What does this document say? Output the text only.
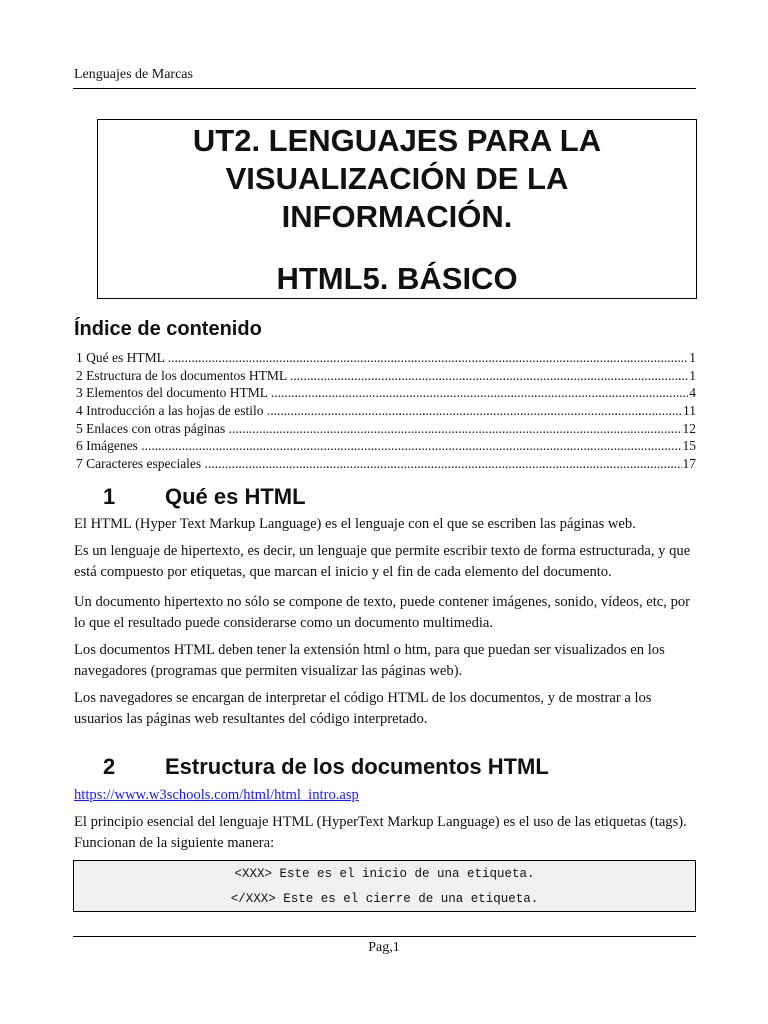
Lenguajes de Marcas
UT2. LENGUAJES PARA LA
VISUALIZACIÓN DE LA
INFORMACIÓN.
HTML5. BÁSICO
Índice de contenido
1 Qué es HTML .....	1
2 Estructura de los documentos HTML .....	1
3 Elementos del documento HTML .....	4
4 Introducción a las hojas de estilo .....	11
5 Enlaces con otras páginas .....	12
6 Imágenes .....	15
7 Caracteres especiales .....	17
1 Qué es HTML
El HTML (Hyper Text Markup Language) es el lenguaje con el que se escriben las páginas web.
Es un lenguaje de hipertexto, es decir, un lenguaje que permite escribir texto de forma estructurada, y que está compuesto por etiquetas, que marcan el inicio y el fin de cada elemento del documento.
Un documento hipertexto no sólo se compone de texto, puede contener imágenes, sonido, vídeos, etc, por lo que el resultado puede considerarse como un documento multimedia.
Los documentos HTML deben tener la extensión html o htm, para que puedan ser visualizados en los navegadores (programas que permiten visualizar las páginas web).
Los navegadores se encargan de interpretar el código HTML de los documentos, y de mostrar a los usuarios las páginas web resultantes del código interpretado.
2 Estructura de los documentos HTML
https://www.w3schools.com/html/html_intro.asp
El principio esencial del lenguaje HTML (HyperText Markup Language) es el uso de las etiquetas (tags). Funcionan de la siguiente manera:
<XXX> Este es el inicio de una etiqueta.
</XXX> Este es el cierre de una etiqueta.
Pag,1
